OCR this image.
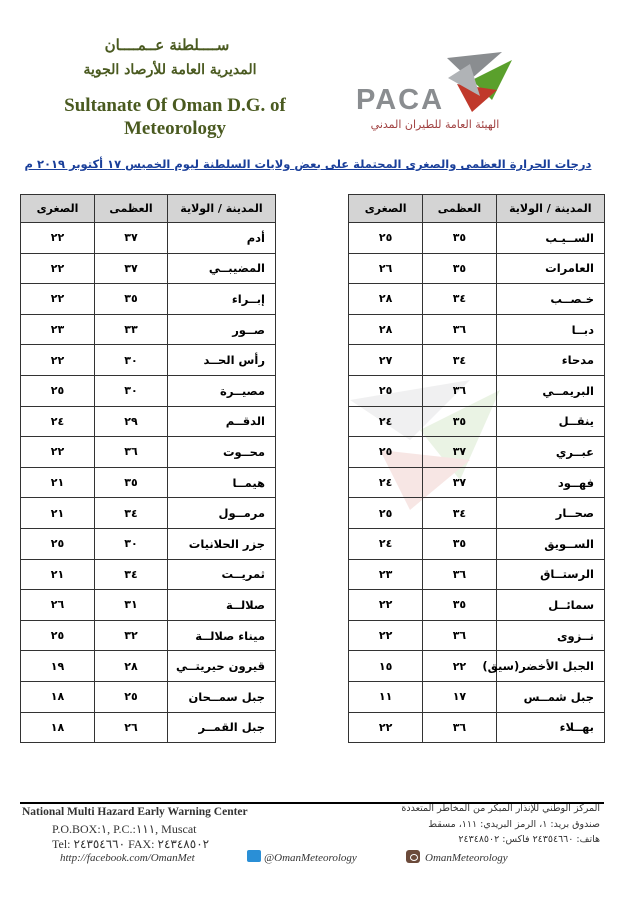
ســــلطنة عــمــــان
المديرية العامة للأرصاد الجوية
Sultanate Of Oman D.G. of Meteorology
PACA
الهيئة العامة للطيران المدني
درجات الحرارة العظمى والصغرى المحتملة على بعض ولايات السلطنة ليوم الخميس ١٧ أكتوبر ٢٠١٩ م
المدينة / الولاية	العظمى	الصغرى
الســيـب	٣٥	٢٥
العامرات	٣٥	٢٦
خـصــب	٣٤	٢٨
دبــا	٣٦	٢٨
مدحاء	٣٤	٢٧
البريمــي	٣٦	٢٥
ينقــل	٣٥	٢٤
عبــري	٣٧	٢٥
فهــود	٣٧	٢٤
صحــار	٣٤	٢٥
الســويق	٣٥	٢٤
الرستــاق	٣٦	٢٣
سمائــل	٣٥	٢٢
نــزوى	٣٦	٢٢
الجبل الأخضر(سيق)	٢٢	١٥
جبل شمــس	١٧	١١
بهــلاء	٣٦	٢٢
المدينة / الولاية	العظمى	الصغرى
أدم	٣٧	٢٢
المضيبــي	٣٧	٢٢
إبــراء	٣٥	٢٢
صــور	٣٣	٢٣
رأس الحــد	٣٠	٢٢
مصيــرة	٣٠	٢٥
الدقــم	٢٩	٢٤
محــوت	٣٦	٢٢
هيمــا	٣٥	٢١
مرمــول	٣٤	٢١
جزر الحلانيات	٣٠	٢٥
ثمريــت	٣٤	٢١
صلالــة	٣١	٢٦
ميناء صلالــة	٣٢	٢٥
قيرون حيريتــي	٢٨	١٩
جبل سمــحان	٢٥	١٨
جبل القمــر	٢٦	١٨
National Multi Hazard Early Warning Center
P.O.BOX:١, P.C.:١١١, Muscat
Tel: ٢٤٣٥٤٦٦٠ FAX: ٢٤٣٤٨٥٠٢
http://facebook.com/OmanMet	@OmanMeteorology	OmanMeteorology
المركز الوطني للإنذار المبكر من المخاطر المتعددة
صندوق بريد: ١، الرمز البريدي: ١١١، مسقط
هاتف: ٢٤٣٥٤٦٦٠ فاكس: ٢٤٣٤٨٥٠٢
